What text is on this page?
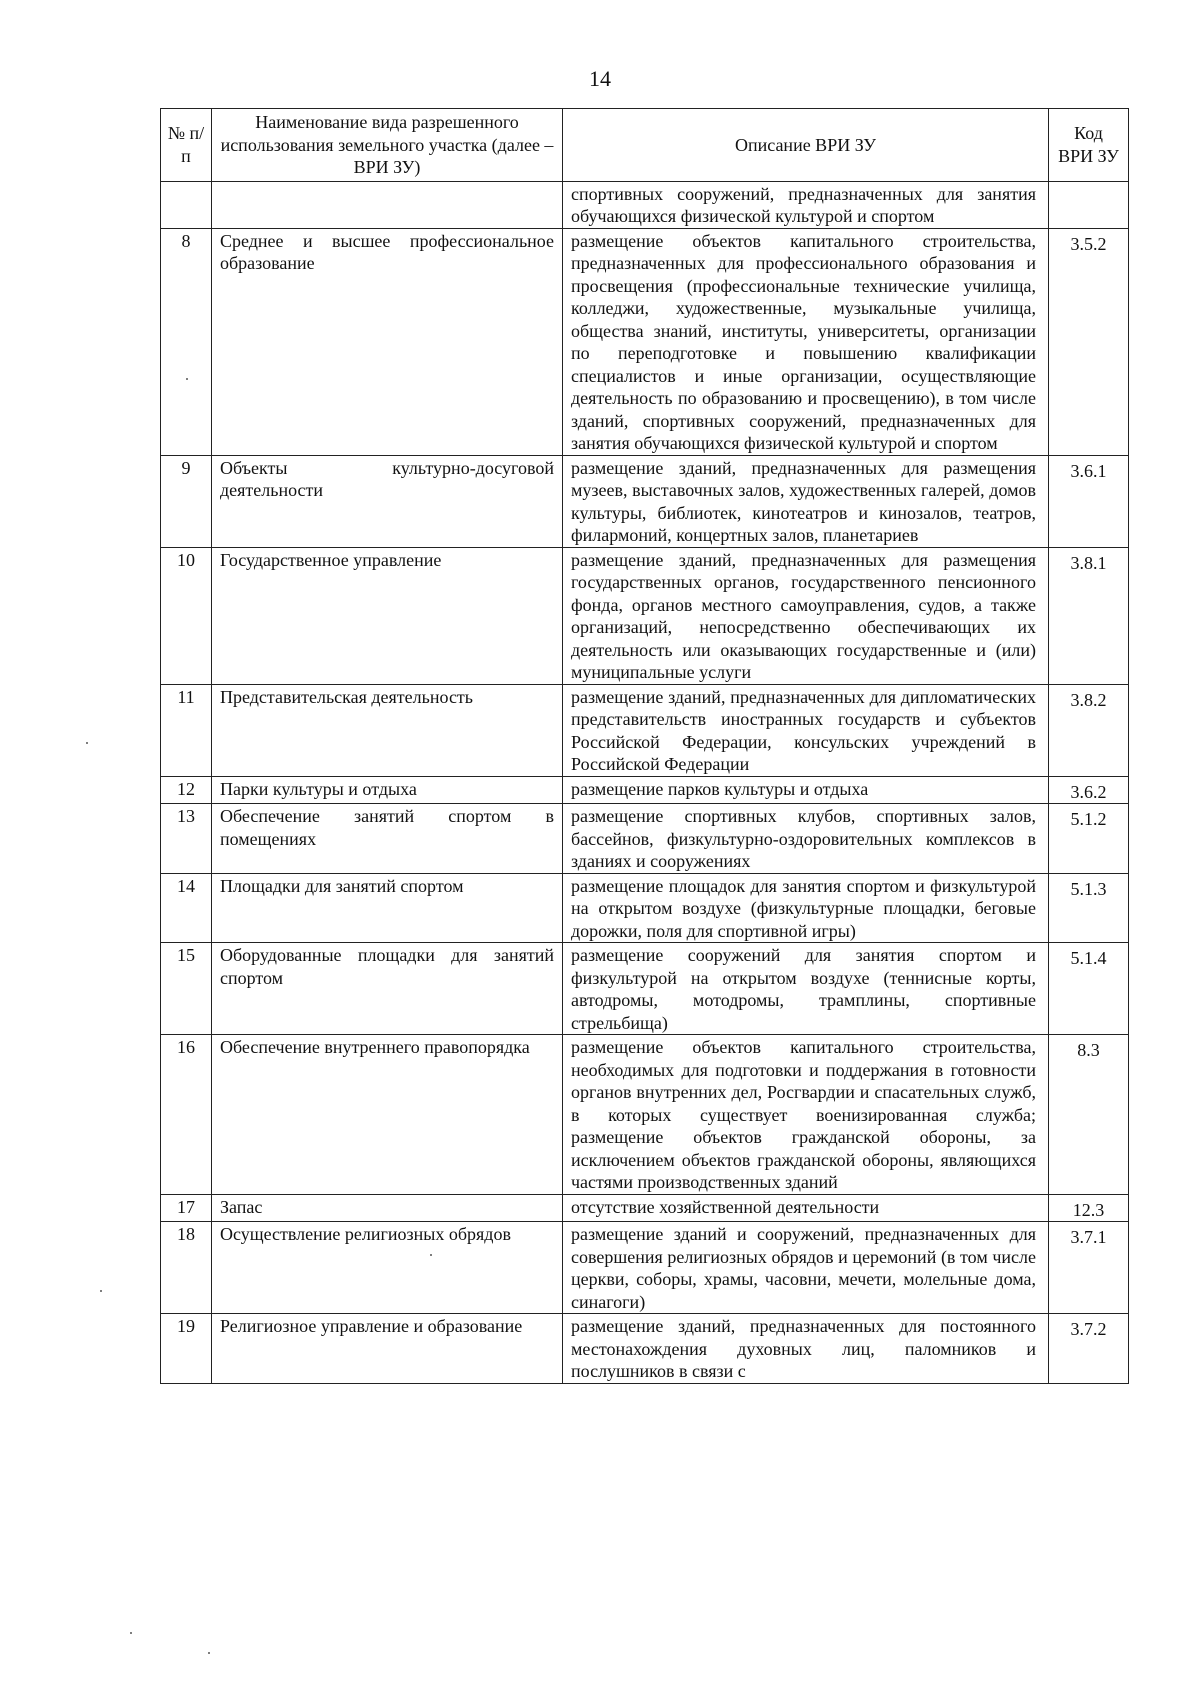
14
№ п/п	Наименование вида разрешенного использования земельного участка (далее – ВРИ ЗУ)	Описание ВРИ ЗУ	Код ВРИ ЗУ
		спортивных сооружений, предназначенных для занятия обучающихся физической культурой и спортом	
8	Среднее и высшее профессиональное образование	размещение объектов капитального строительства, предназначенных для профессионального образования и просвещения (профессиональные технические училища, колледжи, художественные, музыкальные училища, общества знаний, институты, университеты, организации по переподготовке и повышению квалификации специалистов и иные организации, осуществляющие деятельность по образованию и просвещению), в том числе зданий, спортивных сооружений, предназначенных для занятия обучающихся физической культурой и спортом	3.5.2
9	Объекты культурно-досуговой деятельности	размещение зданий, предназначенных для размещения музеев, выставочных залов, художественных галерей, домов культуры, библиотек, кинотеатров и кинозалов, театров, филармоний, концертных залов, планетариев	3.6.1
10	Государственное управление	размещение зданий, предназначенных для размещения государственных органов, государственного пенсионного фонда, органов местного самоуправления, судов, а также организаций, непосредственно обеспечивающих их деятельность или оказывающих государственные и (или) муниципальные услуги	3.8.1
11	Представительская деятельность	размещение зданий, предназначенных для дипломатических представительств иностранных государств и субъектов Российской Федерации, консульских учреждений в Российской Федерации	3.8.2
12	Парки культуры и отдыха	размещение парков культуры и отдыха	3.6.2
13	Обеспечение занятий спортом в помещениях	размещение спортивных клубов, спортивных залов, бассейнов, физкультурно-оздоровительных комплексов в зданиях и сооружениях	5.1.2
14	Площадки для занятий спортом	размещение площадок для занятия спортом и физкультурой на открытом воздухе (физкультурные площадки, беговые дорожки, поля для спортивной игры)	5.1.3
15	Оборудованные площадки для занятий спортом	размещение сооружений для занятия спортом и физкультурой на открытом воздухе (теннисные корты, автодромы, мотодромы, трамплины, спортивные стрельбища)	5.1.4
16	Обеспечение внутреннего правопорядка	размещение объектов капитального строительства, необходимых для подготовки и поддержания в готовности органов внутренних дел, Росгвардии и спасательных служб, в которых существует военизированная служба; размещение объектов гражданской обороны, за исключением объектов гражданской обороны, являющихся частями производственных зданий	8.3
17	Запас	отсутствие хозяйственной деятельности	12.3
18	Осуществление религиозных обрядов	размещение зданий и сооружений, предназначенных для совершения религиозных обрядов и церемоний (в том числе церкви, соборы, храмы, часовни, мечети, молельные дома, синагоги)	3.7.1
19	Религиозное управление и образование	размещение зданий, предназначенных для постоянного местонахождения духовных лиц, паломников и послушников в связи с	3.7.2
